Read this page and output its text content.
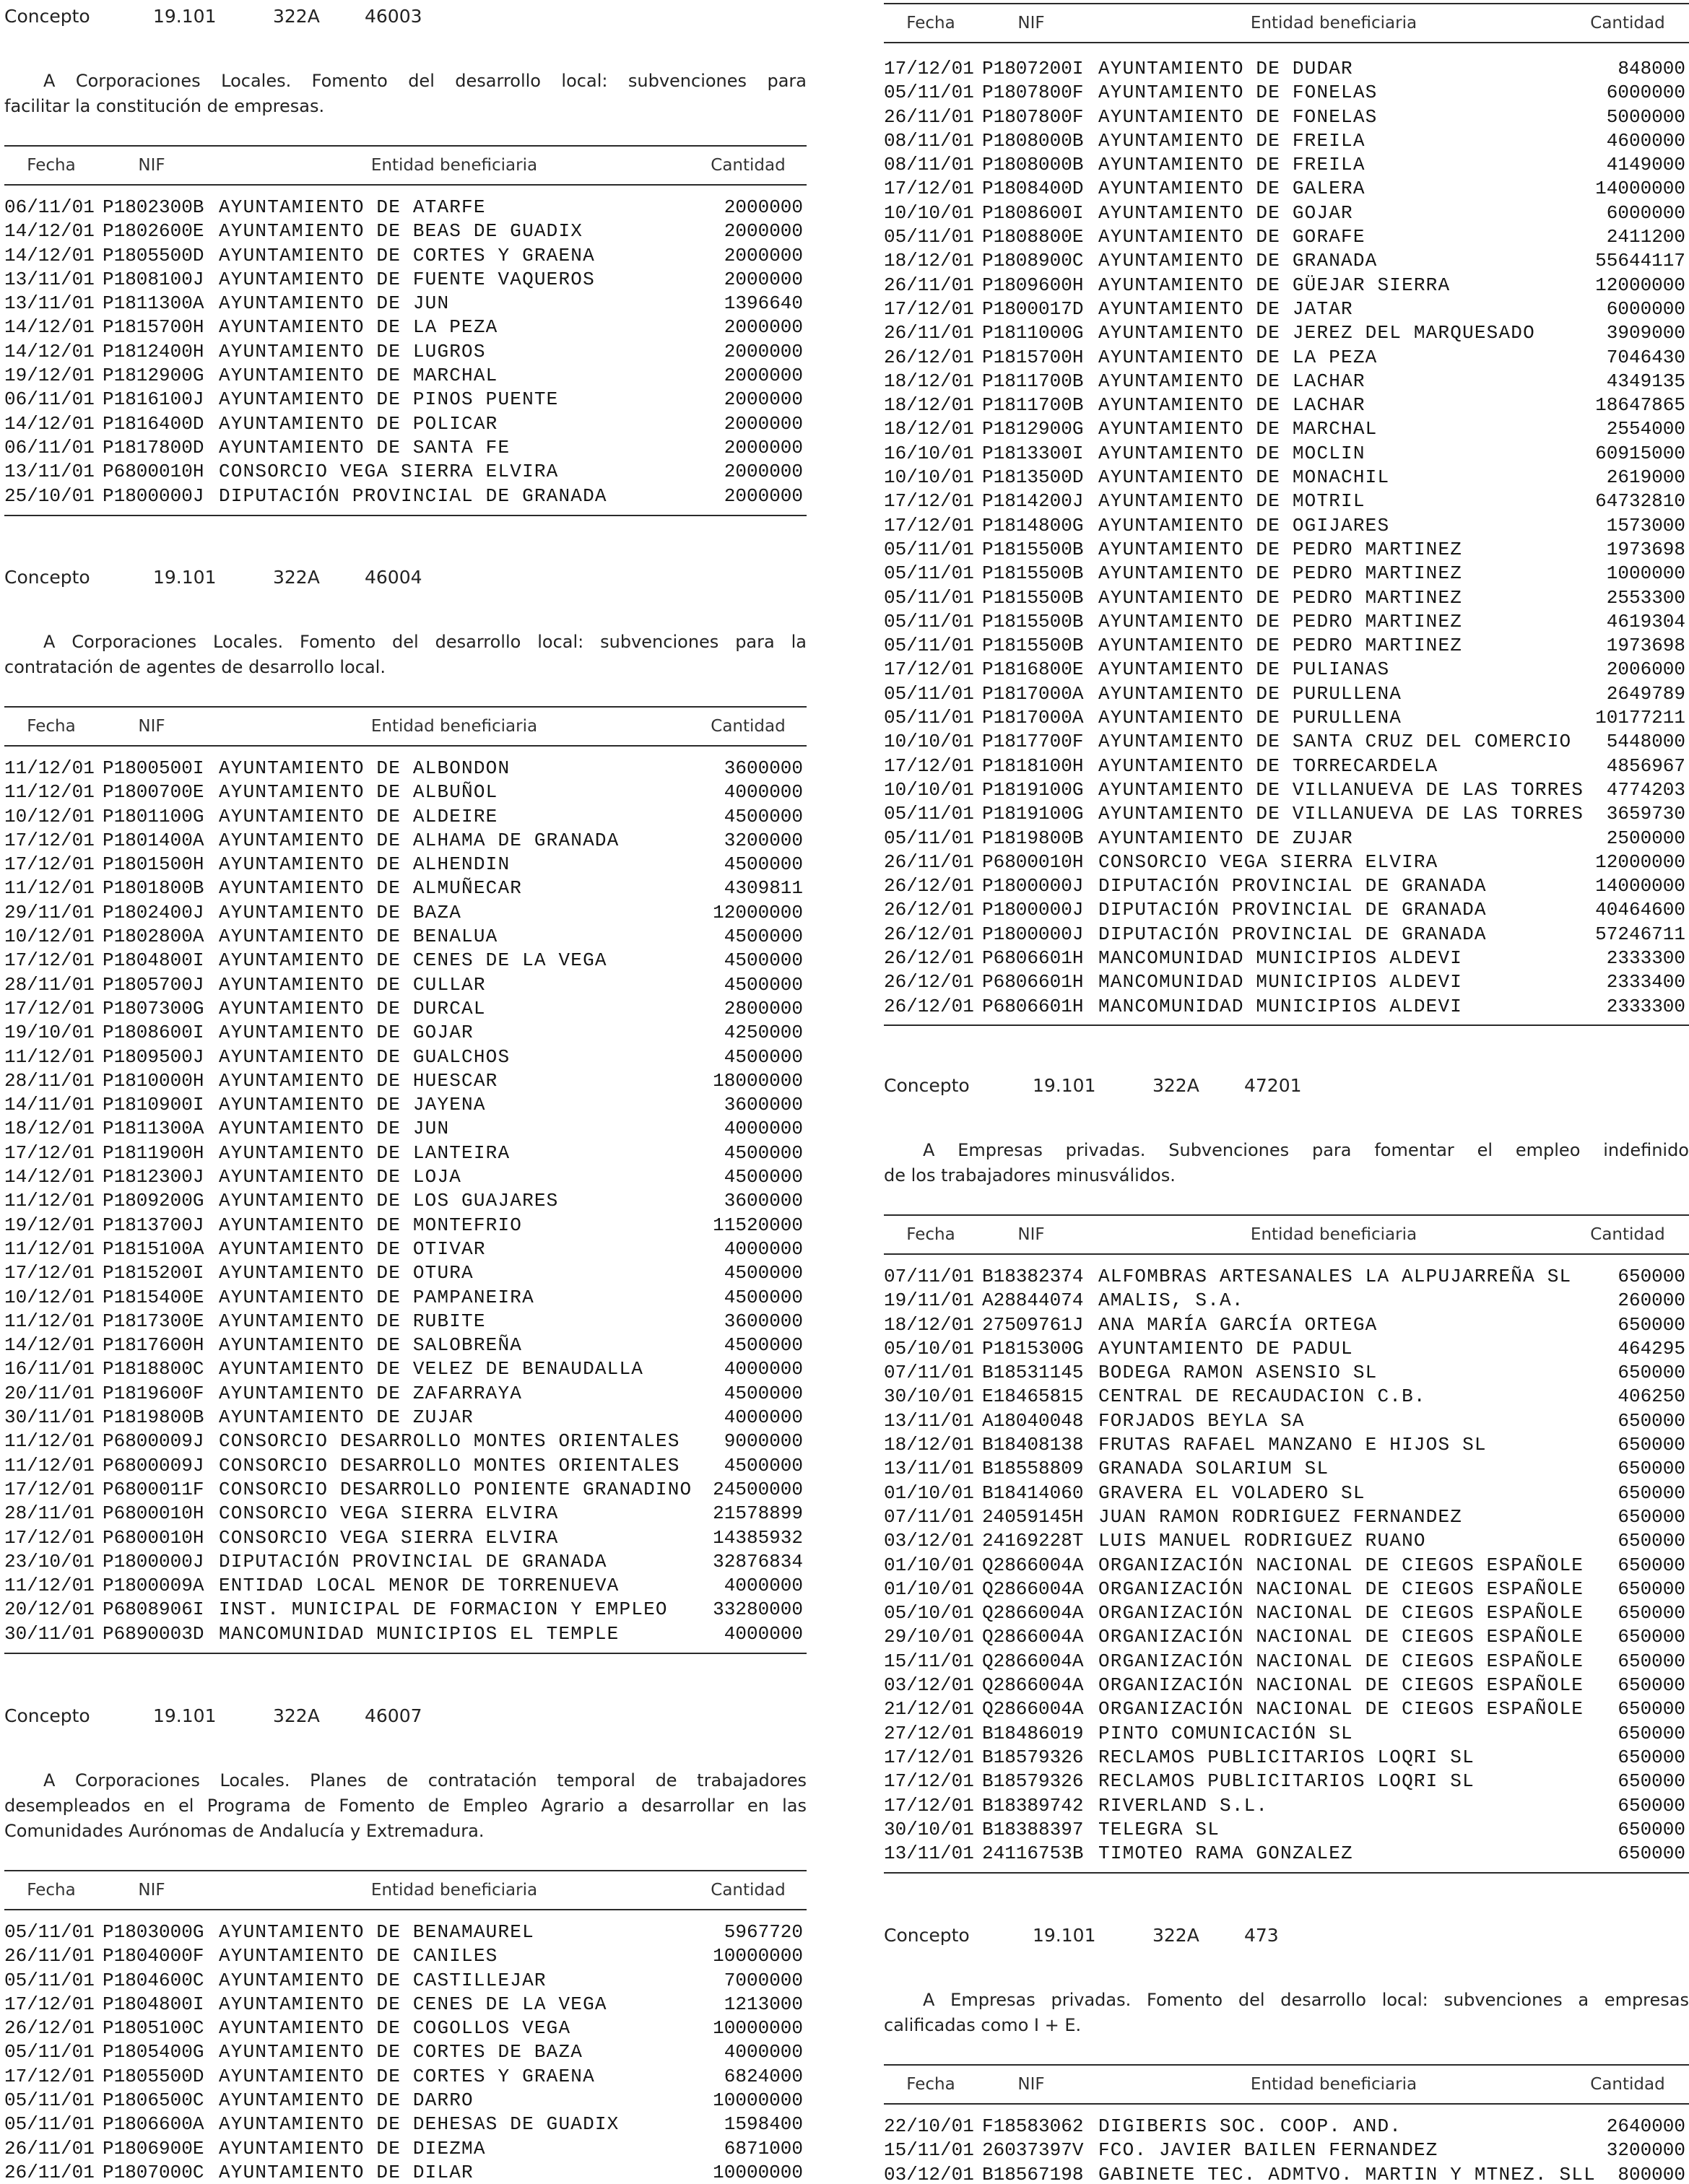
Concepto	19.101	322A 46003
A Corporaciones Locales. Fomento del desarrollo local: subvenciones para
facilitar la constitución de empresas.
Fecha	NIF	Entidad beneficiaria	Cantidad
06/11/01 P1802300B AYUNTAMIENTO DE ATARFE	2000000
14/12/01 P1802600E AYUNTAMIENTO DE BEAS DE GUADIX	2000000
14/12/01 P1805500D AYUNTAMIENTO DE CORTES Y GRAENA	2000000
13/11/01 P1808100J AYUNTAMIENTO DE FUENTE VAQUEROS	2000000
13/11/01 P1811300A AYUNTAMIENTO DE JUN	1396640
14/12/01 P1815700H AYUNTAMIENTO DE LA PEZA	2000000
14/12/01 P1812400H AYUNTAMIENTO DE LUGROS	2000000
19/12/01 P1812900G AYUNTAMIENTO DE MARCHAL	2000000
06/11/01 P1816100J AYUNTAMIENTO DE PINOS PUENTE	2000000
14/12/01 P1816400D AYUNTAMIENTO DE POLICAR	2000000
06/11/01 P1817800D AYUNTAMIENTO DE SANTA FE	2000000
13/11/01 P6800010H CONSORCIO VEGA SIERRA ELVIRA	2000000
25/10/01 P1800000J DIPUTACIÓN PROVINCIAL DE GRANADA	2000000
Concepto	19.101	322A 46004
A Corporaciones Locales. Fomento del desarrollo local: subvenciones para la
contratación de agentes de desarrollo local.
Fecha	NIF	Entidad beneficiaria	Cantidad
11/12/01 P1800500I AYUNTAMIENTO DE ALBONDON	3600000
11/12/01 P1800700E AYUNTAMIENTO DE ALBUÑOL	4000000
10/12/01 P1801100G AYUNTAMIENTO DE ALDEIRE	4500000
17/12/01 P1801400A AYUNTAMIENTO DE ALHAMA DE GRANADA	3200000
17/12/01 P1801500H AYUNTAMIENTO DE ALHENDIN	4500000
11/12/01 P1801800B AYUNTAMIENTO DE ALMUÑECAR	4309811
29/11/01 P1802400J AYUNTAMIENTO DE BAZA	12000000
10/12/01 P1802800A AYUNTAMIENTO DE BENALUA	4500000
17/12/01 P1804800I AYUNTAMIENTO DE CENES DE LA VEGA	4500000
28/11/01 P1805700J AYUNTAMIENTO DE CULLAR	4500000
17/12/01 P1807300G AYUNTAMIENTO DE DURCAL	2800000
19/10/01 P1808600I AYUNTAMIENTO DE GOJAR	4250000
11/12/01 P1809500J AYUNTAMIENTO DE GUALCHOS	4500000
28/11/01 P1810000H AYUNTAMIENTO DE HUESCAR	18000000
14/11/01 P1810900I AYUNTAMIENTO DE JAYENA	3600000
18/12/01 P1811300A AYUNTAMIENTO DE JUN	4000000
17/12/01 P1811900H AYUNTAMIENTO DE LANTEIRA	4500000
14/12/01 P1812300J AYUNTAMIENTO DE LOJA	4500000
11/12/01 P1809200G AYUNTAMIENTO DE LOS GUAJARES	3600000
19/12/01 P1813700J AYUNTAMIENTO DE MONTEFRIO	11520000
11/12/01 P1815100A AYUNTAMIENTO DE OTIVAR	4000000
17/12/01 P1815200I AYUNTAMIENTO DE OTURA	4500000
10/12/01 P1815400E AYUNTAMIENTO DE PAMPANEIRA	4500000
11/12/01 P1817300E AYUNTAMIENTO DE RUBITE	3600000
14/12/01 P1817600H AYUNTAMIENTO DE SALOBREÑA	4500000
16/11/01 P1818800C AYUNTAMIENTO DE VELEZ DE BENAUDALLA	4000000
20/11/01 P1819600F AYUNTAMIENTO DE ZAFARRAYA	4500000
30/11/01 P1819800B AYUNTAMIENTO DE ZUJAR	4000000
11/12/01 P6800009J CONSORCIO DESARROLLO MONTES ORIENTALES 9000000
11/12/01 P6800009J CONSORCIO DESARROLLO MONTES ORIENTALES 4500000
17/12/01 P6800011F CONSORCIO DESARROLLO PONIENTE GRANADINO 24500000
28/11/01 P6800010H CONSORCIO VEGA SIERRA ELVIRA	21578899
17/12/01 P6800010H CONSORCIO VEGA SIERRA ELVIRA	14385932
23/10/01 P1800000J DIPUTACIÓN PROVINCIAL DE GRANADA	32876834
11/12/01 P1800009A ENTIDAD LOCAL MENOR DE TORRENUEVA	4000000
20/12/01 P6808906I INST. MUNICIPAL DE FORMACION Y EMPLEO 33280000
30/11/01 P6890003D MANCOMUNIDAD MUNICIPIOS EL TEMPLE	4000000
Concepto	19.101	322A 46007
A Corporaciones Locales. Planes de contratación temporal de trabajadores
desempleados en el Programa de Fomento de Empleo Agrario a desarrollar en las
Comunidades Aurónomas de Andalucía y Extremadura.
Fecha	NIF	Entidad beneficiaria	Cantidad
05/11/01 P1803000G AYUNTAMIENTO DE BENAMAUREL	5967720
26/11/01 P1804000F AYUNTAMIENTO DE CANILES	10000000
05/11/01 P1804600C AYUNTAMIENTO DE CASTILLEJAR	7000000
17/12/01 P1804800I AYUNTAMIENTO DE CENES DE LA VEGA	1213000
26/12/01 P1805100C AYUNTAMIENTO DE COGOLLOS VEGA	10000000
05/11/01 P1805400G AYUNTAMIENTO DE CORTES DE BAZA	4000000
17/12/01 P1805500D AYUNTAMIENTO DE CORTES Y GRAENA	6824000
05/11/01 P1806500C AYUNTAMIENTO DE DARRO	10000000
05/11/01 P1806600A AYUNTAMIENTO DE DEHESAS DE GUADIX	1598400
26/11/01 P1806900E AYUNTAMIENTO DE DIEZMA	6871000
26/11/01 P1807000C AYUNTAMIENTO DE DILAR	10000000
Fecha	NIF	Entidad beneficiaria	Cantidad
17/12/01 P1807200I AYUNTAMIENTO DE DUDAR	848000
05/11/01 P1807800F AYUNTAMIENTO DE FONELAS	6000000
26/11/01 P1807800F AYUNTAMIENTO DE FONELAS	5000000
08/11/01 P1808000B AYUNTAMIENTO DE FREILA	4600000
08/11/01 P1808000B AYUNTAMIENTO DE FREILA	4149000
17/12/01 P1808400D AYUNTAMIENTO DE GALERA	14000000
10/10/01 P1808600I AYUNTAMIENTO DE GOJAR	6000000
05/11/01 P1808800E AYUNTAMIENTO DE GORAFE	2411200
18/12/01 P1808900C AYUNTAMIENTO DE GRANADA	55644117
26/11/01 P1809600H AYUNTAMIENTO DE GÜEJAR SIERRA	12000000
17/12/01 P1800017D AYUNTAMIENTO DE JATAR	6000000
26/11/01 P1811000G AYUNTAMIENTO DE JEREZ DEL MARQUESADO	3909000
26/12/01 P1815700H AYUNTAMIENTO DE LA PEZA	7046430
18/12/01 P1811700B AYUNTAMIENTO DE LACHAR	4349135
18/12/01 P1811700B AYUNTAMIENTO DE LACHAR	18647865
18/12/01 P1812900G AYUNTAMIENTO DE MARCHAL	2554000
16/10/01 P1813300I AYUNTAMIENTO DE MOCLIN	60915000
10/10/01 P1813500D AYUNTAMIENTO DE MONACHIL	2619000
17/12/01 P1814200J AYUNTAMIENTO DE MOTRIL	64732810
17/12/01 P1814800G AYUNTAMIENTO DE OGIJARES	1573000
05/11/01 P1815500B AYUNTAMIENTO DE PEDRO MARTINEZ	1973698
05/11/01 P1815500B AYUNTAMIENTO DE PEDRO MARTINEZ	1000000
05/11/01 P1815500B AYUNTAMIENTO DE PEDRO MARTINEZ	2553300
05/11/01 P1815500B AYUNTAMIENTO DE PEDRO MARTINEZ	4619304
05/11/01 P1815500B AYUNTAMIENTO DE PEDRO MARTINEZ	1973698
17/12/01 P1816800E AYUNTAMIENTO DE PULIANAS	2006000
05/11/01 P1817000A AYUNTAMIENTO DE PURULLENA	2649789
05/11/01 P1817000A AYUNTAMIENTO DE PURULLENA	10177211
10/10/01 P1817700F AYUNTAMIENTO DE SANTA CRUZ DEL COMERCIO 5448000
17/12/01 P1818100H AYUNTAMIENTO DE TORRECARDELA	4856967
10/10/01 P1819100G AYUNTAMIENTO DE VILLANUEVA DE LAS TORRES 4774203
05/11/01 P1819100G AYUNTAMIENTO DE VILLANUEVA DE LAS TORRES 3659730
05/11/01 P1819800B AYUNTAMIENTO DE ZUJAR	2500000
26/11/01 P6800010H CONSORCIO VEGA SIERRA ELVIRA	12000000
26/12/01 P1800000J DIPUTACIÓN PROVINCIAL DE GRANADA	14000000
26/12/01 P1800000J DIPUTACIÓN PROVINCIAL DE GRANADA	40464600
26/12/01 P1800000J DIPUTACIÓN PROVINCIAL DE GRANADA	57246711
26/12/01 P6806601H MANCOMUNIDAD MUNICIPIOS ALDEVI	2333300
26/12/01 P6806601H MANCOMUNIDAD MUNICIPIOS ALDEVI	2333400
26/12/01 P6806601H MANCOMUNIDAD MUNICIPIOS ALDEVI	2333300
Concepto	19.101	322A 47201
A Empresas privadas. Subvenciones para fomentar el empleo indefinido
de los trabajadores minusválidos.
Fecha	NIF	Entidad beneficiaria	Cantidad
07/11/01 B18382374 ALFOMBRAS ARTESANALES LA ALPUJARREÑA SL 650000
19/11/01 A28844074 AMALIS, S.A.	260000
18/12/01 27509761J ANA MARÍA GARCÍA ORTEGA	650000
05/10/01 P1815300G AYUNTAMIENTO DE PADUL	464295
07/11/01 B18531145 BODEGA RAMON ASENSIO SL	650000
30/10/01 E18465815 CENTRAL DE RECAUDACION C.B.	406250
13/11/01 A18040048 FORJADOS BEYLA SA	650000
18/12/01 B18408138 FRUTAS RAFAEL MANZANO E HIJOS SL	650000
13/11/01 B18558809 GRANADA SOLARIUM SL	650000
01/10/01 B18414060 GRAVERA EL VOLADERO SL	650000
07/11/01 24059145H JUAN RAMON RODRIGUEZ FERNANDEZ	650000
03/12/01 24169228T LUIS MANUEL RODRIGUEZ RUANO	650000
01/10/01 Q2866004A ORGANIZACIÓN NACIONAL DE CIEGOS ESPAÑOLE 650000
01/10/01 Q2866004A ORGANIZACIÓN NACIONAL DE CIEGOS ESPAÑOLE 650000
05/10/01 Q2866004A ORGANIZACIÓN NACIONAL DE CIEGOS ESPAÑOLE 650000
29/10/01 Q2866004A ORGANIZACIÓN NACIONAL DE CIEGOS ESPAÑOLE 650000
15/11/01 Q2866004A ORGANIZACIÓN NACIONAL DE CIEGOS ESPAÑOLE 650000
03/12/01 Q2866004A ORGANIZACIÓN NACIONAL DE CIEGOS ESPAÑOLE 650000
21/12/01 Q2866004A ORGANIZACIÓN NACIONAL DE CIEGOS ESPAÑOLE 650000
27/12/01 B18486019 PINTO COMUNICACIÓN SL	650000
17/12/01 B18579326 RECLAMOS PUBLICITARIOS LOQRI SL	650000
17/12/01 B18579326 RECLAMOS PUBLICITARIOS LOQRI SL	650000
17/12/01 B18389742 RIVERLAND S.L.	650000
30/10/01 B18388397 TELEGRA SL	650000
13/11/01 24116753B TIMOTEO RAMA GONZALEZ	650000
Concepto	19.101	322A 473
A Empresas privadas. Fomento del desarrollo local: subvenciones a empresas
calificadas como I + E.
Fecha	NIF	Entidad beneficiaria	Cantidad
22/10/01 F18583062 DIGIBERIS SOC. COOP. AND.	2640000
15/11/01 26037397V FCO. JAVIER BAILEN FERNANDEZ	3200000
03/12/01 B18567198 GABINETE TEC. ADMTVO. MARTIN Y MTNEZ. SLL 800000
